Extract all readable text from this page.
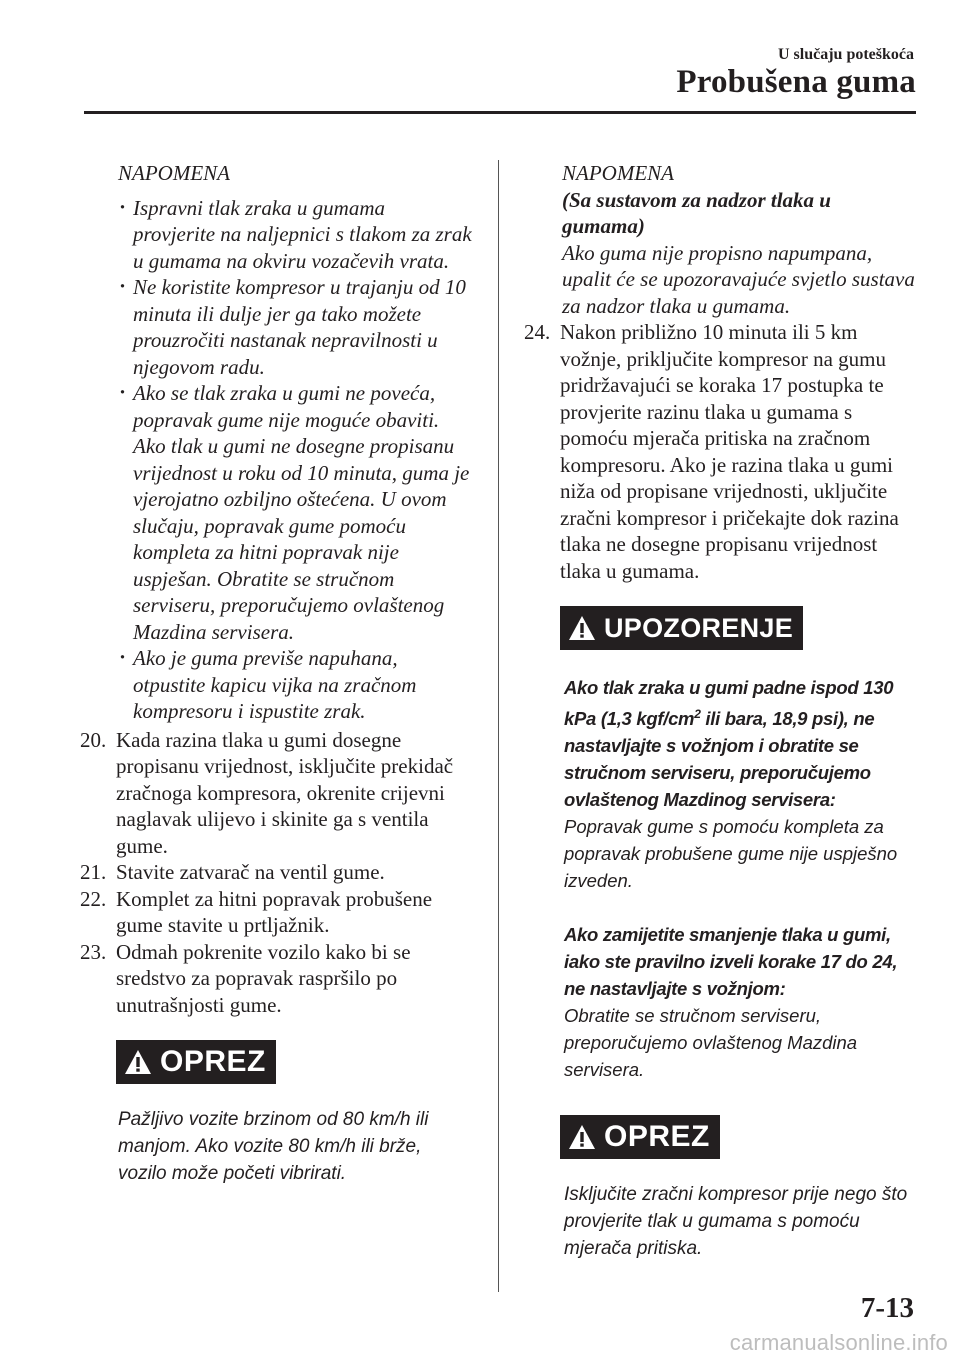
U slučaju poteškoća
Probušena guma

NAPOMENA

· Ispravni tlak zraka u gumama provjerite na naljepnici s tlakom za zrak u gumama na okviru vozačevih vrata.
· Ne koristite kompresor u trajanju od 10 minuta ili dulje jer ga tako možete prouzročiti nastanak nepravilnosti u njegovom radu.
· Ako se tlak zraka u gumi ne poveća, popravak gume nije moguće obaviti. Ako tlak u gumi ne dosegne propisanu vrijednost u roku od 10 minuta, guma je vjerojatno ozbiljno oštećena. U ovom slučaju, popravak gume pomoću kompleta za hitni popravak nije uspješan. Obratite se stručnom serviseru, preporučujemo ovlaštenog Mazdina servisera.
· Ako je guma previše napuhana, otpustite kapicu vijka na zračnom kompresoru i ispustite zrak.
20. Kada razina tlaka u gumi dosegne propisanu vrijednost, isključite prekidač zračnoga kompresora, okrenite crijevni naglavak ulijevo i skinite ga s ventila gume.
21. Stavite zatvarač na ventil gume.
22. Komplet za hitni popravak probušene gume stavite u prtljažnik.
23. Odmah pokrenite vozilo kako bi se sredstvo za popravak raspršilo po unutrašnjosti gume.
OPREZ

Pažljivo vozite brzinom od 80 km/h ili manjom. Ako vozite 80 km/h ili brže, vozilo može početi vibrirati.

NAPOMENA

(Sa sustavom za nadzor tlaka u gumama)

Ako guma nije propisno napumpana, upalit će se upozoravajuće svjetlo sustava za nadzor tlaka u gumama.

24. Nakon približno 10 minuta ili 5 km vožnje, priključite kompresor na gumu pridržavajući se koraka 17 postupka te provjerite razinu tlaka u gumama s pomoću mjerača pritiska na zračnom kompresoru. Ako je razina tlaka u gumi niža od propisane vrijednosti, uključite zračni kompresor i pričekajte dok razina tlaka ne dosegne propisanu vrijednost tlaka u gumama.
UPOZORENJE

Ako tlak zraka u gumi padne ispod 130 kPa (1,3 kgf/$cm^2$ ili bara, 18,9 psi), ne nastavljajte s vožnjom i obratite se stručnom serviseru, preporučujemo ovlaštenog Mazdinog servisera:

Popravak gume s pomoću kompleta za popravak probušene gume nije uspješno izveden.

Ako zamijetite smanjenje tlaka u gumi, iako ste pravilno izveli korake 17 do 24, ne nastavljajte s vožnjom:

Obratite se stručnom serviseru, preporučujemo ovlaštenog Mazdina servisera.

OPREZ

Isključite zračni kompresor prije nego što provjerite tlak u gumama s pomoću mjerača pritiska.

7-13
carmanualsonline.info
